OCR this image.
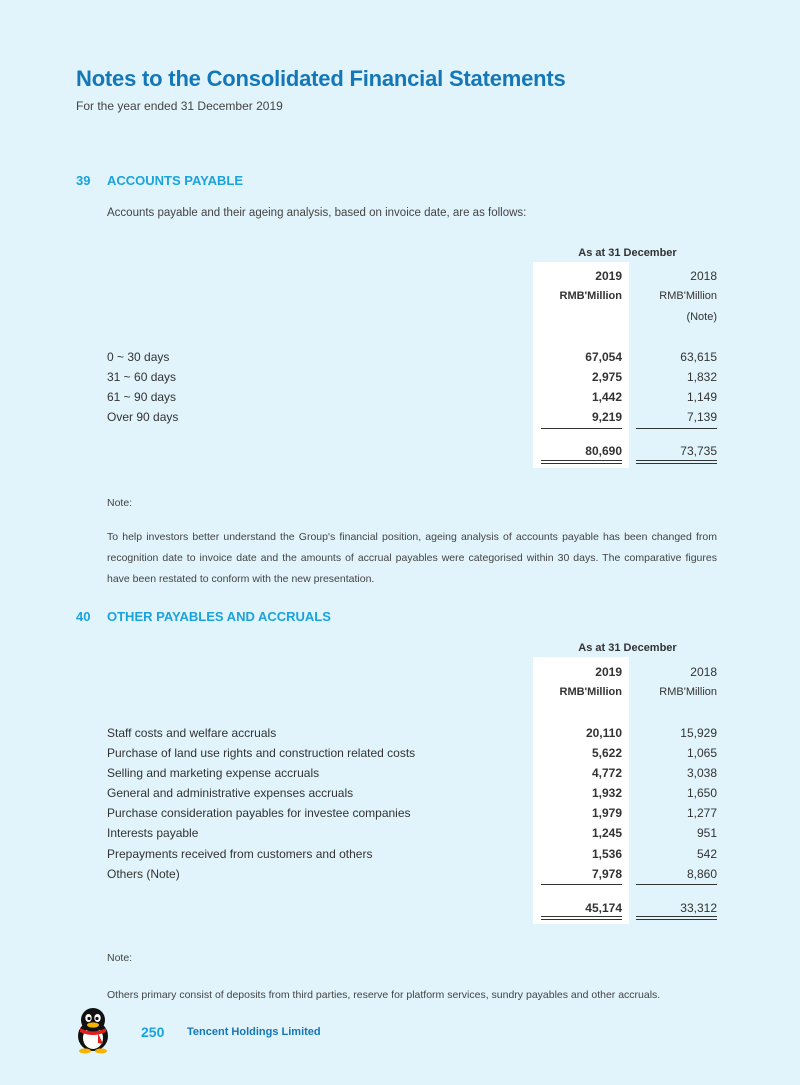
Notes to the Consolidated Financial Statements
For the year ended 31 December 2019
39 ACCOUNTS PAYABLE
Accounts payable and their ageing analysis, based on invoice date, are as follows:
As at 31 December
2019	2018
RMB'Million	RMB'Million
(Note)
0 ~ 30 days	67,054	63,615
31 ~ 60 days	2,975	1,832
61 ~ 90 days	1,442	1,149
Over 90 days	9,219	7,139
80,690	73,735
Note:
To help investors better understand the Group's financial position, ageing analysis of accounts payable has been changed from recognition date to invoice date and the amounts of accrual payables were categorised within 30 days. The comparative figures have been restated to conform with the new presentation.
40 OTHER PAYABLES AND ACCRUALS
As at 31 December
2019	2018
RMB'Million	RMB'Million
Staff costs and welfare accruals	20,110	15,929
Purchase of land use rights and construction related costs	5,622	1,065
Selling and marketing expense accruals	4,772	3,038
General and administrative expenses accruals	1,932	1,650
Purchase consideration payables for investee companies	1,979	1,277
Interests payable	1,245	951
Prepayments received from customers and others	1,536	542
Others (Note)	7,978	8,860
45,174	33,312
Note:
Others primary consist of deposits from third parties, reserve for platform services, sundry payables and other accruals.
250 Tencent Holdings Limited
